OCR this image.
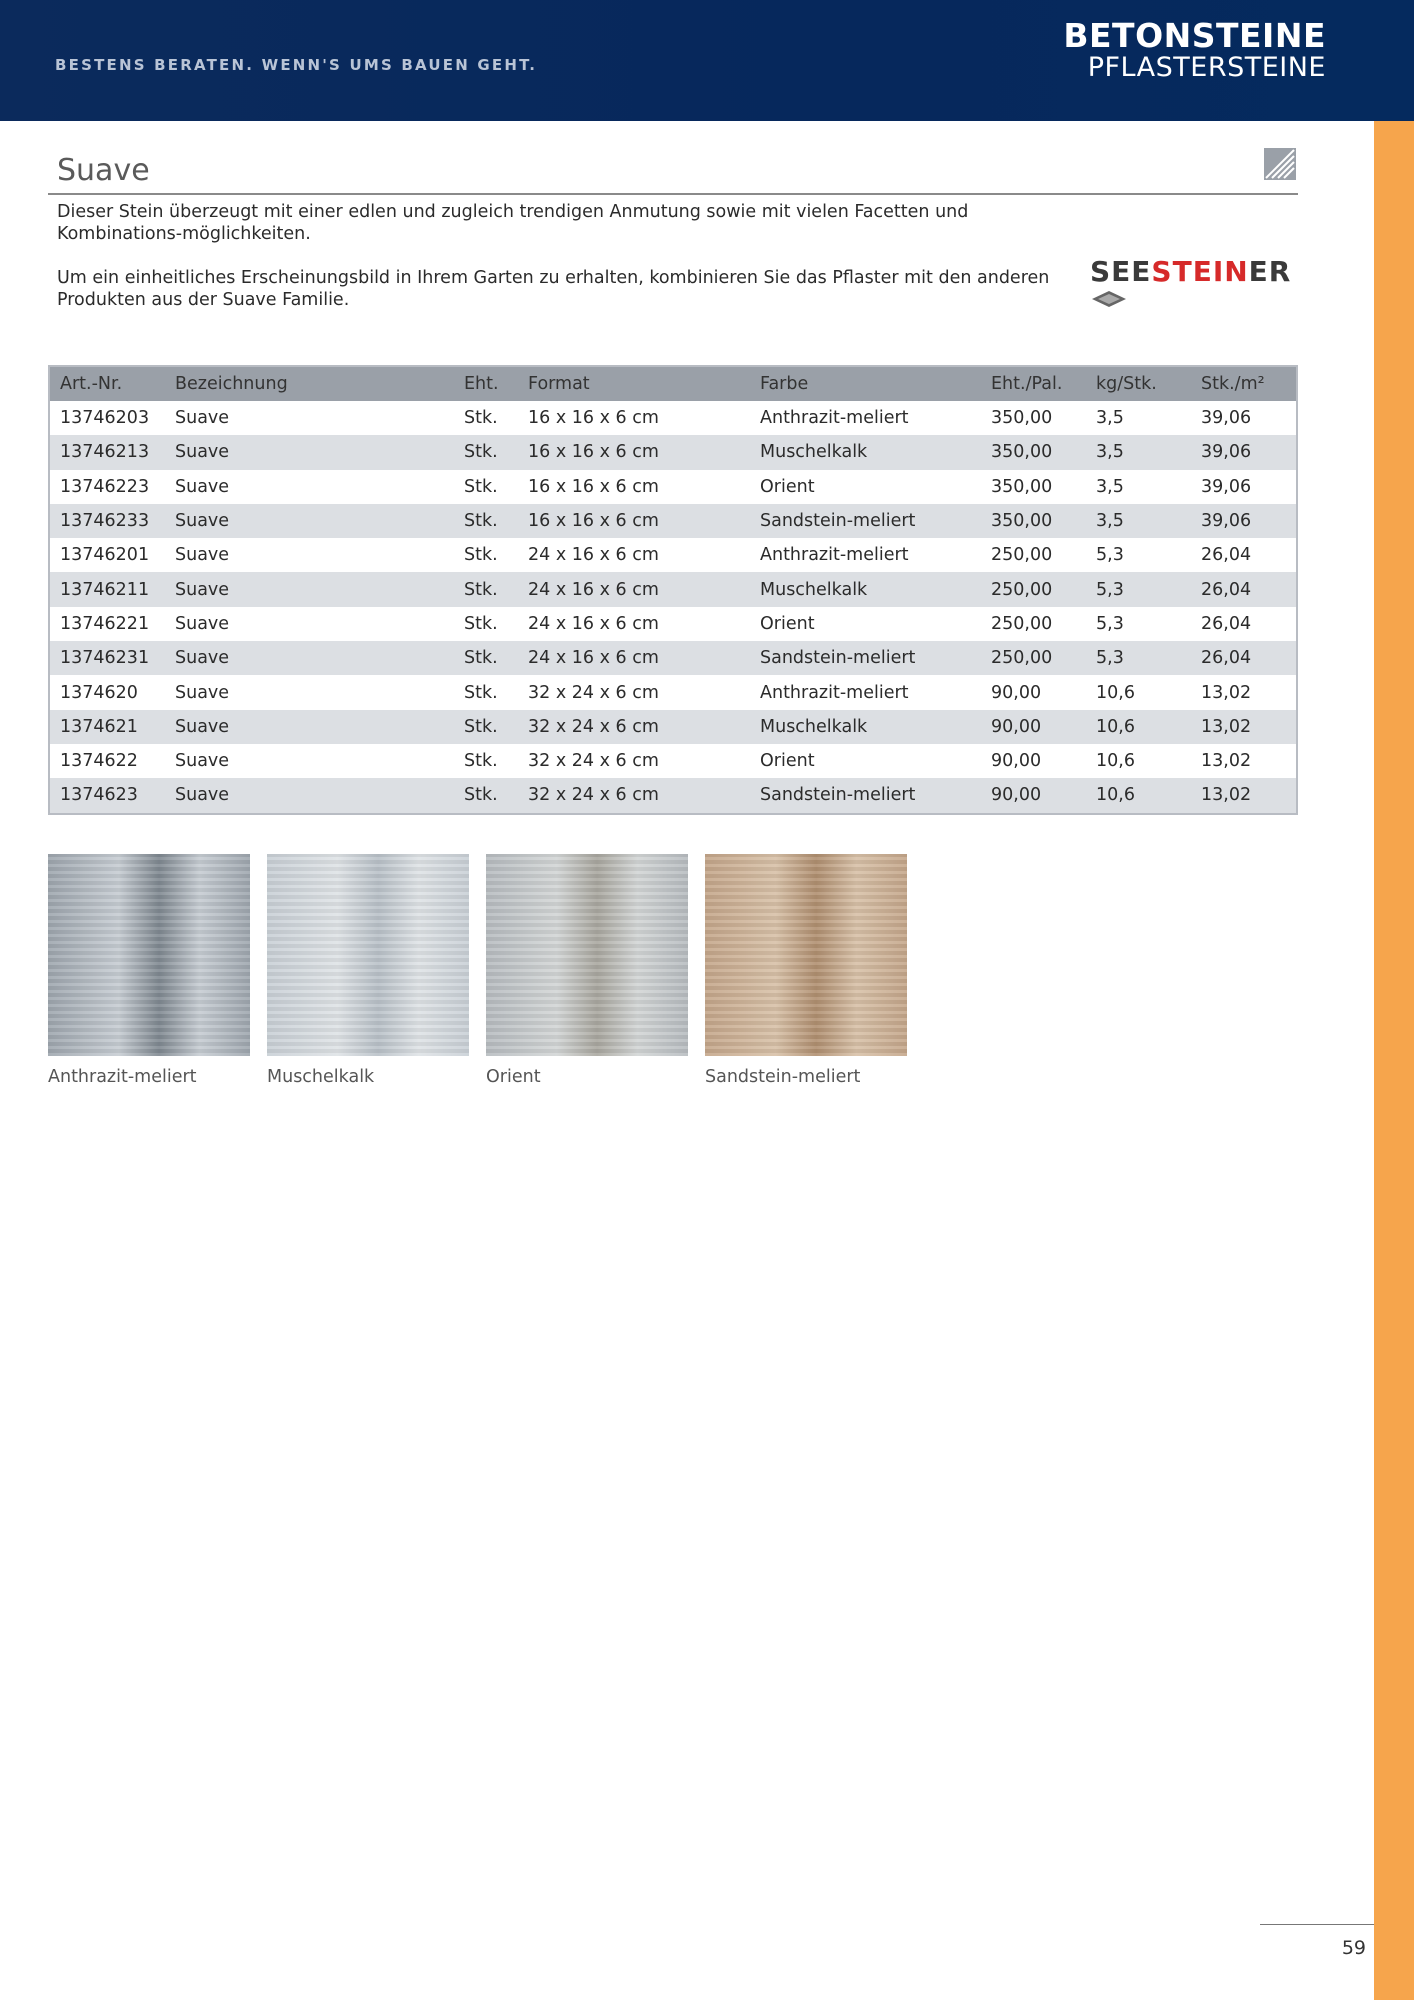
BESTENS BERATEN. WENN'S UMS BAUEN GEHT.
BETONSTEINE
PFLASTERSTEINE
Suave

Dieser Stein überzeugt mit einer edlen und zugleich trendigen Anmutung sowie mit vielen Facetten und Kombinations-möglichkeiten.

Um ein einheitliches Erscheinungsbild in Ihrem Garten zu erhalten, kombinieren Sie das Pflaster mit den anderen Produkten aus der Suave Familie.

SEESTEINER
Art.-Nr.	Bezeichnung	Eht.	Format	Farbe	Eht./Pal.	kg/Stk.	Stk./m²
13746203	Suave	Stk.	16 x 16 x 6 cm	Anthrazit-meliert	350,00	3,5	39,06
13746213	Suave	Stk.	16 x 16 x 6 cm	Muschelkalk	350,00	3,5	39,06
13746223	Suave	Stk.	16 x 16 x 6 cm	Orient	350,00	3,5	39,06
13746233	Suave	Stk.	16 x 16 x 6 cm	Sandstein-meliert	350,00	3,5	39,06
13746201	Suave	Stk.	24 x 16 x 6 cm	Anthrazit-meliert	250,00	5,3	26,04
13746211	Suave	Stk.	24 x 16 x 6 cm	Muschelkalk	250,00	5,3	26,04
13746221	Suave	Stk.	24 x 16 x 6 cm	Orient	250,00	5,3	26,04
13746231	Suave	Stk.	24 x 16 x 6 cm	Sandstein-meliert	250,00	5,3	26,04
1374620	Suave	Stk.	32 x 24 x 6 cm	Anthrazit-meliert	90,00	10,6	13,02
1374621	Suave	Stk.	32 x 24 x 6 cm	Muschelkalk	90,00	10,6	13,02
1374622	Suave	Stk.	32 x 24 x 6 cm	Orient	90,00	10,6	13,02
1374623	Suave	Stk.	32 x 24 x 6 cm	Sandstein-meliert	90,00	10,6	13,02
Anthrazit-meliert	Muschelkalk	Orient	Sandstein-meliert
59
